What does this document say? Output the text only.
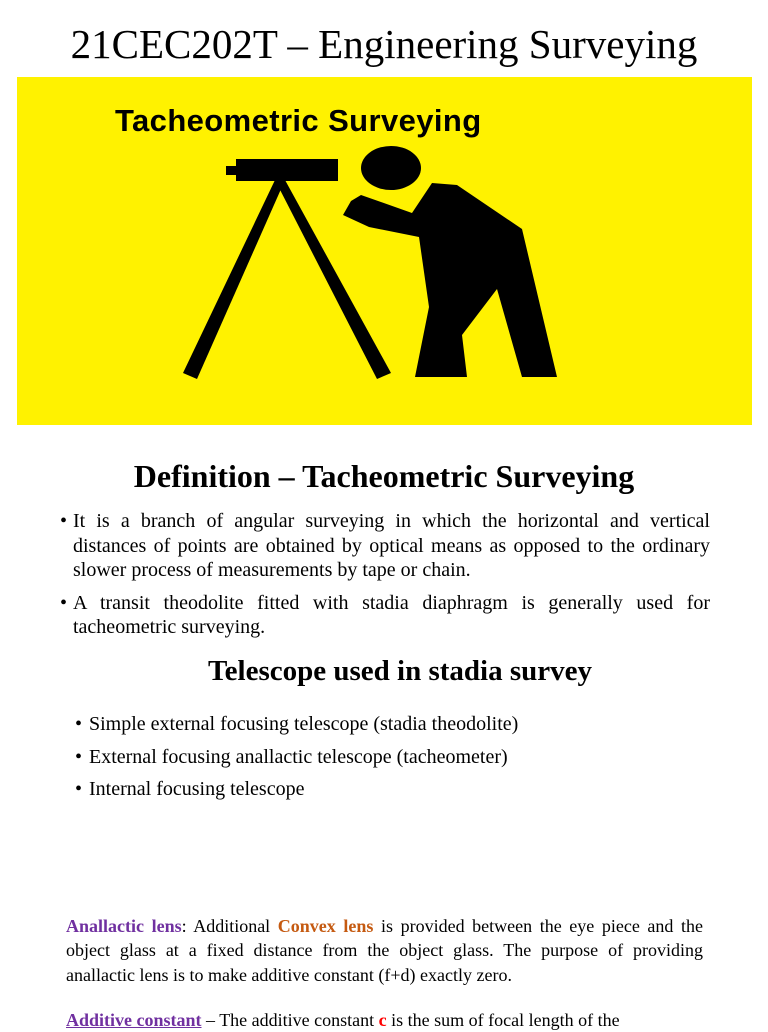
21CEC202T – Engineering Surveying
Tacheometric Surveying
Definition – Tacheometric Surveying
• It is a branch of angular surveying in which the horizontal and vertical distances of points are obtained by optical means as opposed to the ordinary slower process of measurements by tape or chain.
• A transit theodolite fitted with stadia diaphragm is generally used for tacheometric surveying.
Telescope used in stadia survey
• Simple external focusing telescope (stadia theodolite)
• External focusing anallactic telescope (tacheometer)
• Internal focusing telescope

Anallactic lens: Additional Convex lens is provided between the eye piece and the object glass at a fixed distance from the object glass. The purpose of providing anallactic lens is to make additive constant (f+d) exactly zero.

Additive constant – The additive constant c is the sum of focal length of the
